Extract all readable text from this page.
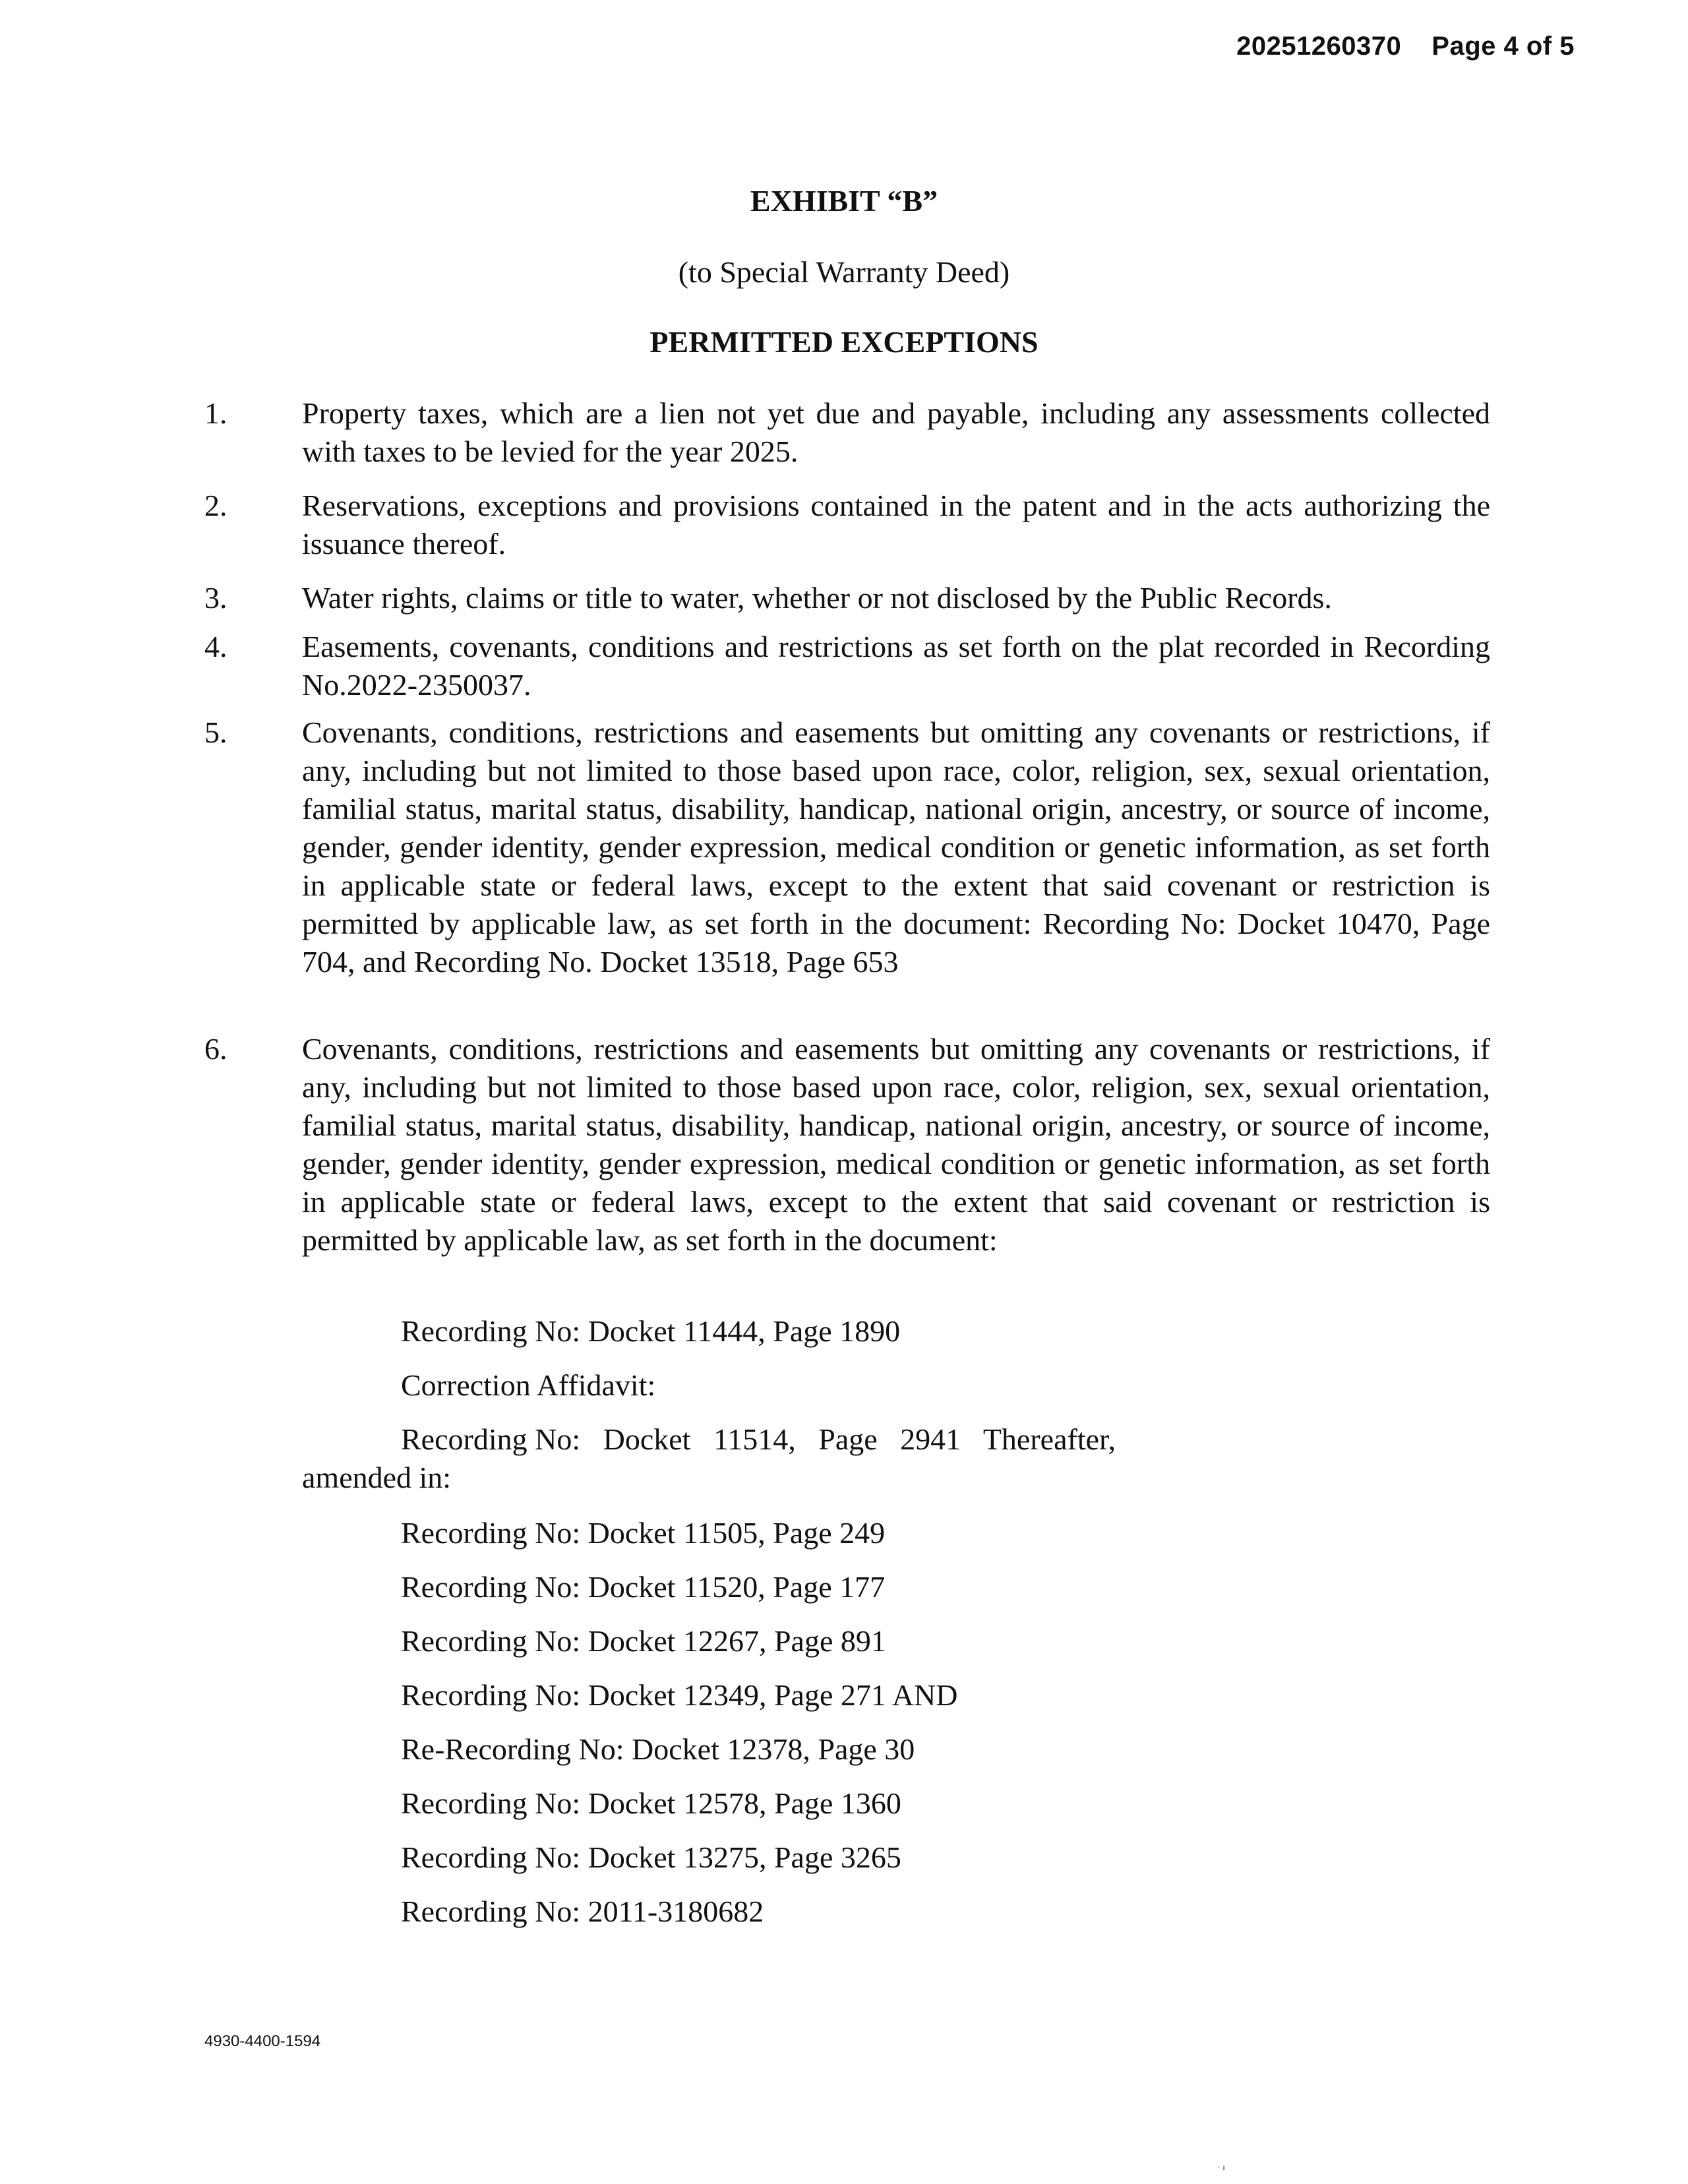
20251260370 Page 4 of 5
EXHIBIT “B”
(to Special Warranty Deed)
PERMITTED EXCEPTIONS
1. Property taxes, which are a lien not yet due and payable, including any assessments collected with taxes to be levied for the year 2025.
2. Reservations, exceptions and provisions contained in the patent and in the acts authorizing the issuance thereof.
3. Water rights, claims or title to water, whether or not disclosed by the Public Records.
4. Easements, covenants, conditions and restrictions as set forth on the plat recorded in Recording No.2022-2350037.
5. Covenants, conditions, restrictions and easements but omitting any covenants or restrictions, if any, including but not limited to those based upon race, color, religion, sex, sexual orientation, familial status, marital status, disability, handicap, national origin, ancestry, or source of income, gender, gender identity, gender expression, medical condition or genetic information, as set forth in applicable state or federal laws, except to the extent that said covenant or restriction is permitted by applicable law, as set forth in the document: Recording No: Docket 10470, Page 704, and Recording No. Docket 13518, Page 653
6. Covenants, conditions, restrictions and easements but omitting any covenants or restrictions, if any, including but not limited to those based upon race, color, religion, sex, sexual orientation, familial status, marital status, disability, handicap, national origin, ancestry, or source of income, gender, gender identity, gender expression, medical condition or genetic information, as set forth in applicable state or federal laws, except to the extent that said covenant or restriction is permitted by applicable law, as set forth in the document:
Recording No: Docket 11444, Page 1890
Correction Affidavit:
Recording No:   Docket   11514,   Page   2941   Thereafter,
amended in:
Recording No: Docket 11505, Page 249
Recording No: Docket 11520, Page 177
Recording No: Docket 12267, Page 891
Recording No: Docket 12349, Page 271 AND
Re-Recording No: Docket 12378, Page 30
Recording No: Docket 12578, Page 1360
Recording No: Docket 13275, Page 3265
Recording No: 2011-3180682
4930-4400-1594
· ı
